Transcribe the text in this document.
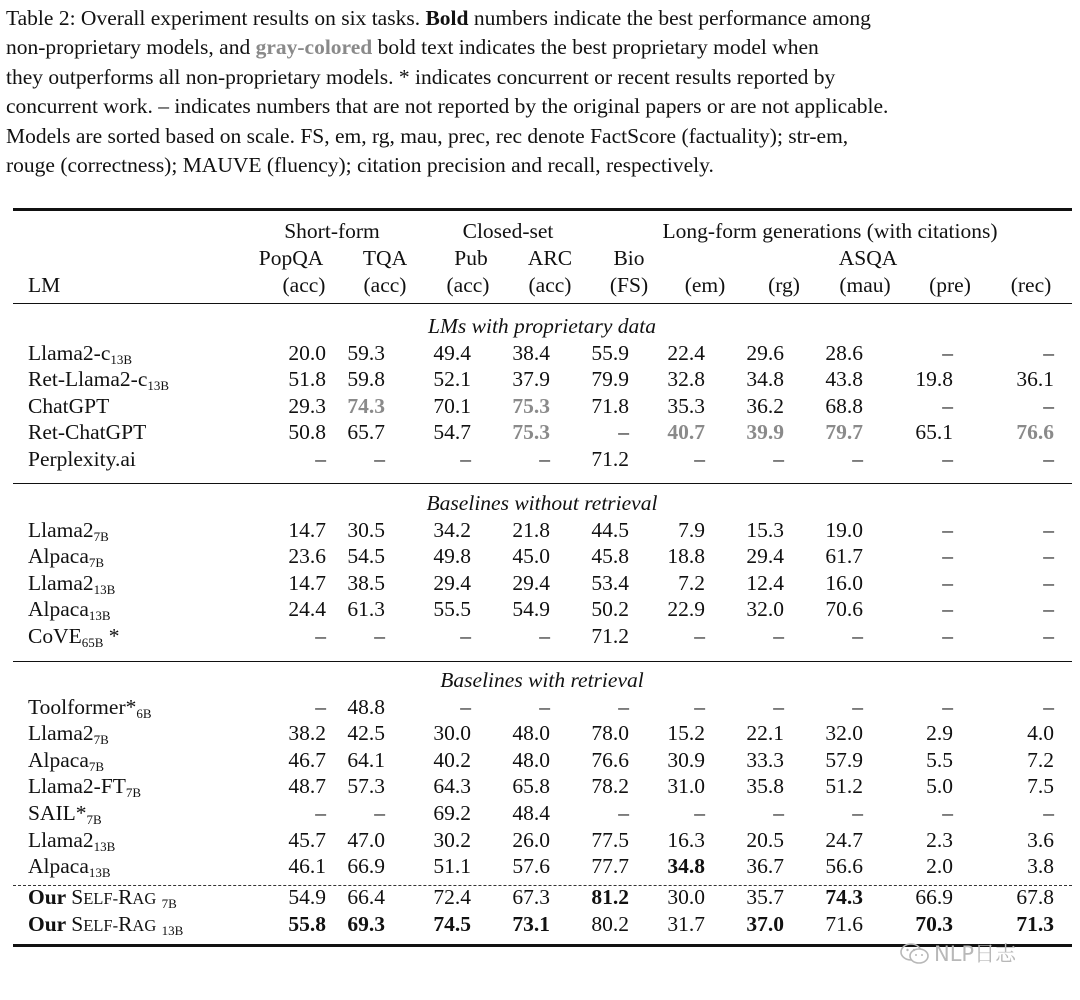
Table 2: Overall experiment results on six tasks. Bold numbers indicate the best performance among
non-proprietary models, and gray-colored bold text indicates the best proprietary model when
they outperforms all non-proprietary models. * indicates concurrent or recent results reported by
concurrent work. – indicates numbers that are not reported by the original papers or are not applicable.
Models are sorted based on scale. FS, em, rg, mau, prec, rec denote FactScore (factuality); str-em,
rouge (correctness); MAUVE (fluency); citation precision and recall, respectively.
Short-form	Closed-set	Long-form generations (with citations)
PopQA TQA Pub ARC Bio	ASQA
LM	(acc) (acc) (acc) (acc) (FS) (em) (rg) (mau) (pre) (rec)
LMs with proprietary data
$Llama2-c_{13B}$	20.0 59.3 49.4 38.4 55.9 22.4 29.6 28.6	–	–
Ret-$Llama2-c_{13B}$	51.8 59.8 52.1 37.9 79.9 32.8 34.8 43.8 19.8	36.1
ChatGPT	29.3 74.3 70.1 75.3 71.8 35.3 36.2 68.8	–	–
Ret-ChatGPT	50.8 65.7 54.7 75.3	– 40.7 39.9 79.7 65.1	76.6
Perplexity.ai	– –	–	– 71.2	–	–	–	–	–
Baselines without retrieval
$Llama2_{7B}$	14.7 30.5 34.2 21.8 44.5 7.9 15.3 19.0	–	–
Alpaca$_{7B}$	23.6 54.5 49.8 45.0 45.8 18.8 29.4 61.7	–	–
$Llama2_{13B}$	14.7 38.5 29.4 29.4 53.4 7.2 12.4 16.0	–	–
Alpaca$_{13B}$	24.4 61.3 55.5 54.9 50.2 22.9 32.0 70.6	–	–
CoVE$_{65B}$ *	– –	–	– 71.2	–	–	–	–	–
Baselines with retrieval
$Toolformer*_{6B}$	– 48.8	–	–	–	–	–	–	–	–
$Llama2_{7B}$	38.2 42.5 30.0 48.0 78.0 15.2 22.1 32.0	2.9	4.0
Alpaca$_{7B}$	46.7 64.1 40.2 48.0 76.6 30.9 33.3 57.9	5.5	7.2
$Llama2-FT_{7B}$	48.7 57.3 64.3 65.8 78.2 31.0 35.8 51.2	5.0	7.5
$SAIL*_{7B}$	– – 69.2 48.4	–	–	–	–	–	–
$Llama2_{13B}$	45.7 47.0 30.2 26.0 77.5 16.3 20.5 24.7	2.3	3.6
Alpaca$_{13B}$	46.1 66.9 51.1 57.6 77.7 34.8 36.7 56.6	2.0	3.8
Our SELF-RAG $_{7B}$	54.9 66.4 72.4 67.3 81.2 30.0 35.7 74.3 66.9	67.8
Our SELF-RAG $_{13B}$	55.8 69.3 74.5 73.1 80.2 31.7 37.0 71.6 70.3	71.3
NLP日志
